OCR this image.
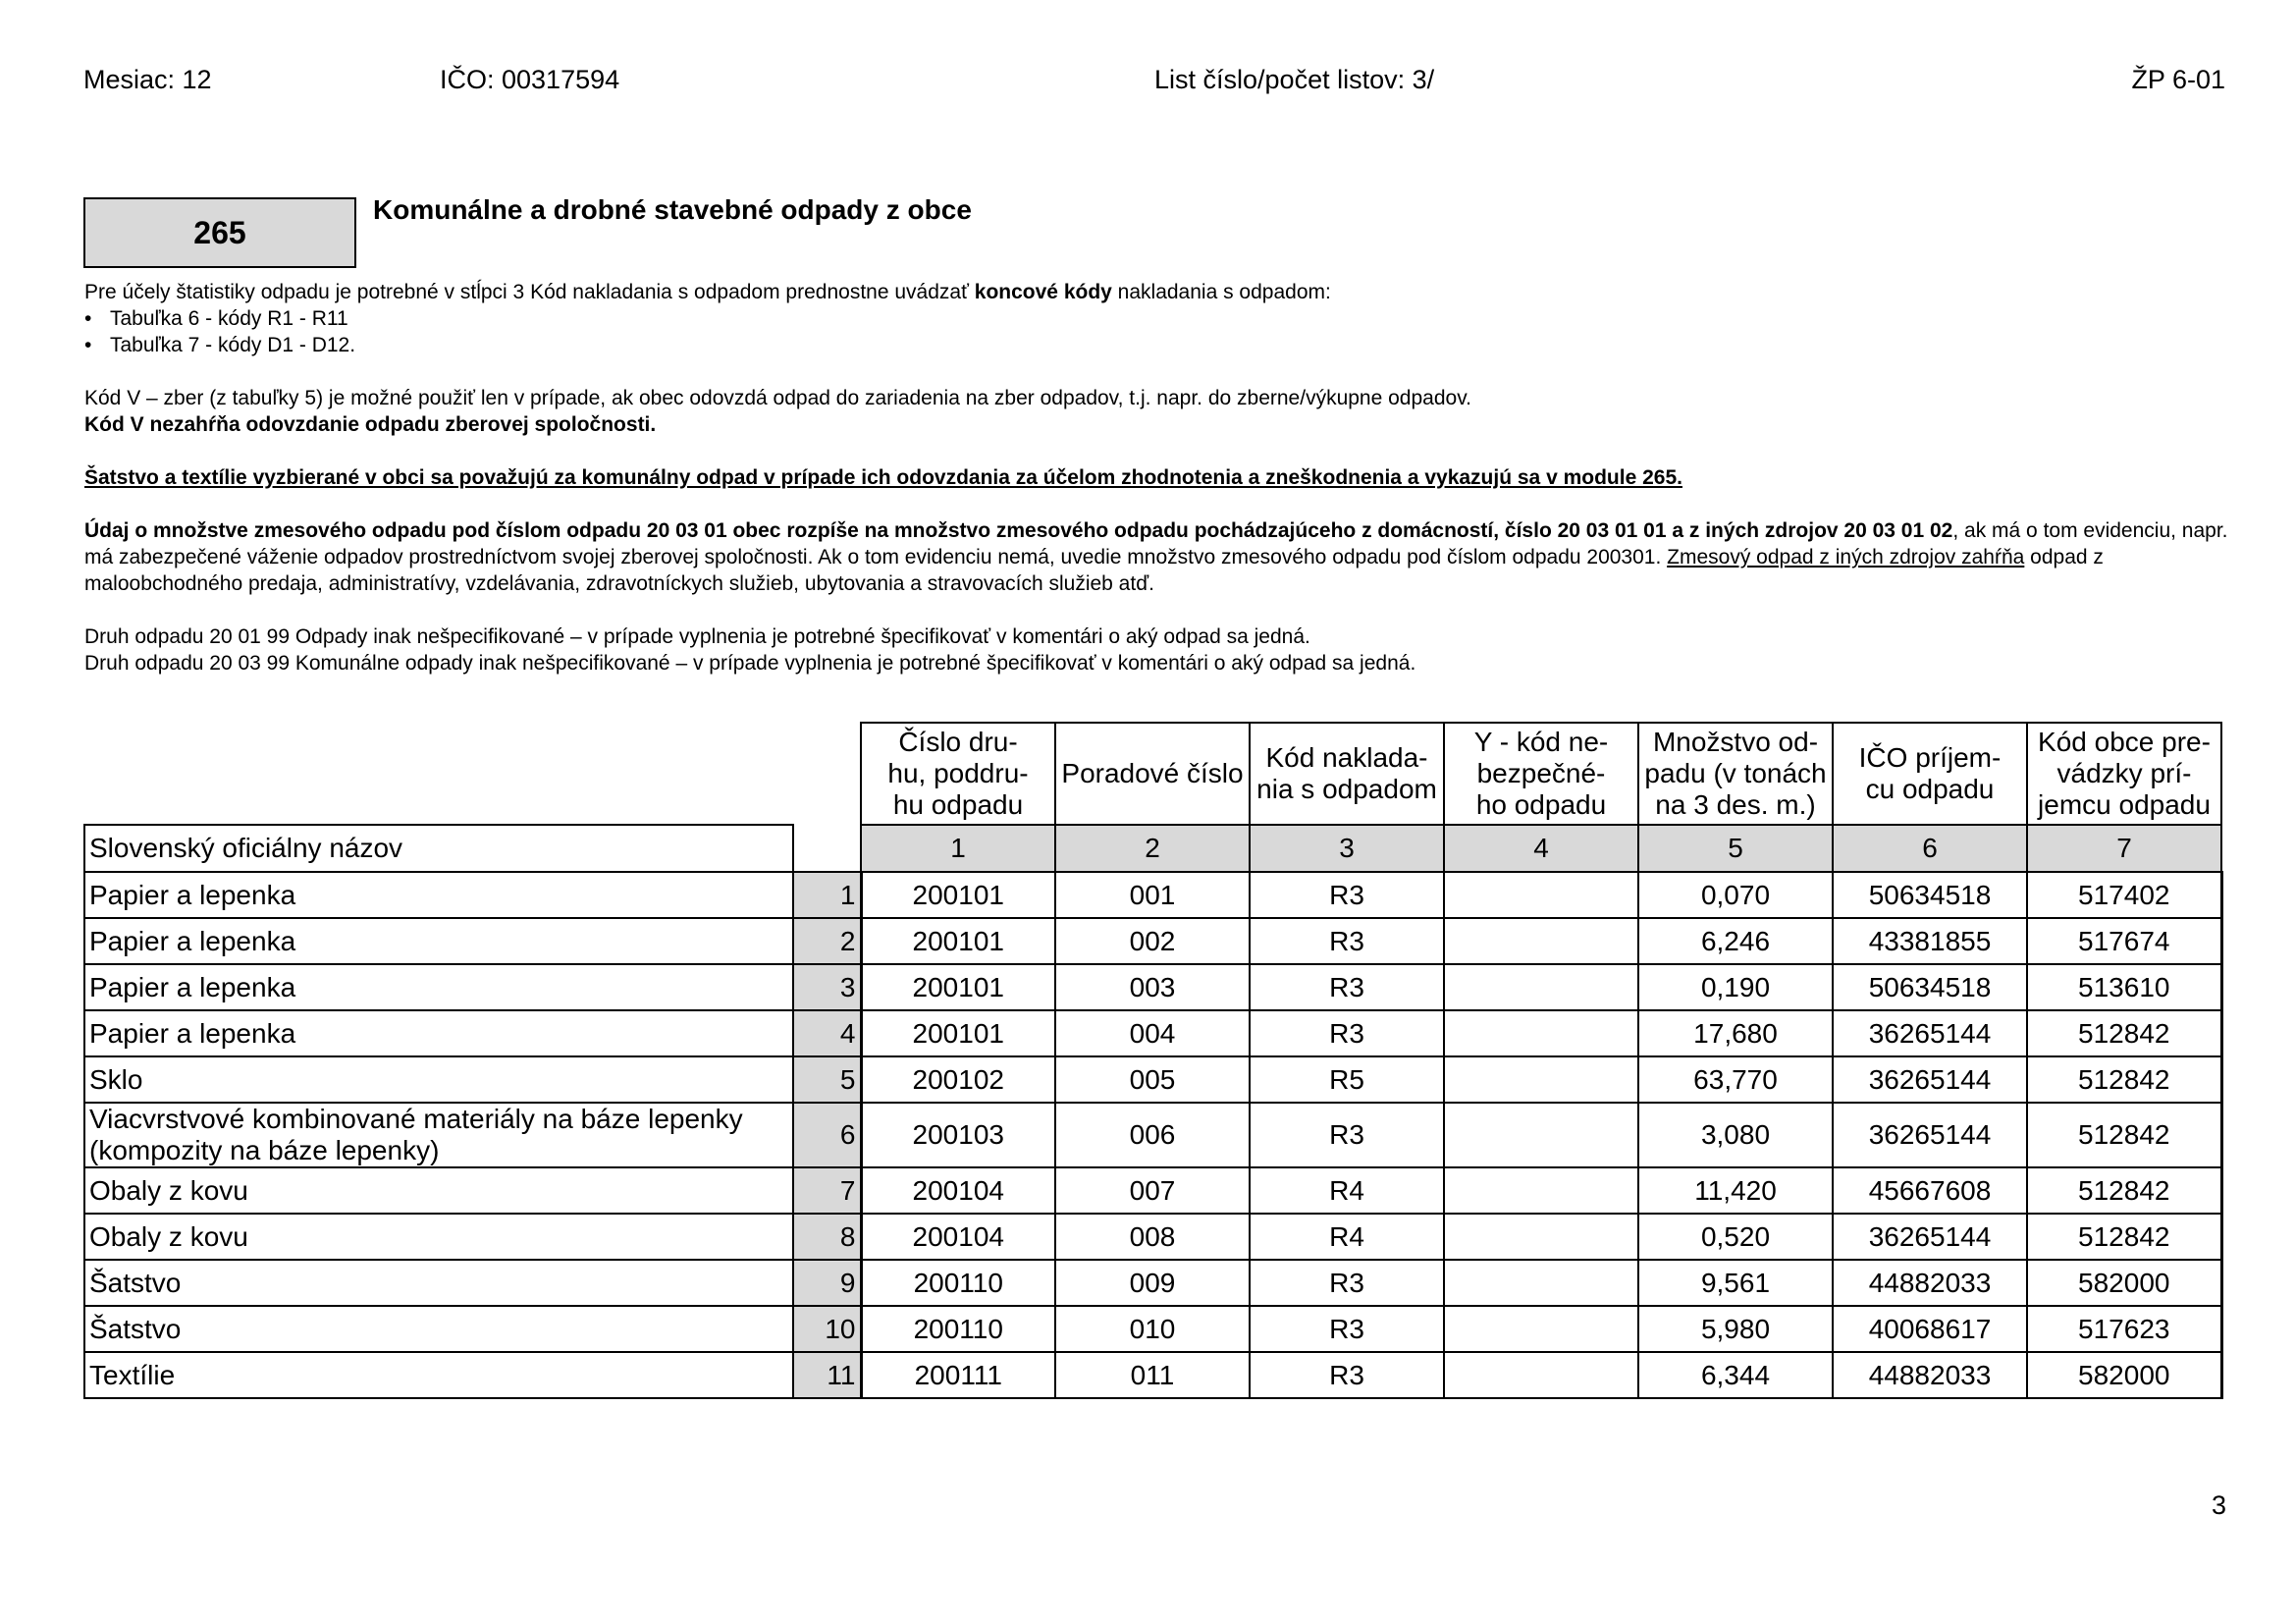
Mesiac: 12	IČO: 00317594	List číslo/počet listov: 3/	ŽP 6-01
265
Komunálne a drobné stavebné odpady z obce

Pre účely štatistiky odpadu je potrebné v stĺpci 3 Kód nakladania s odpadom prednostne uvádzať koncové kódy nakladania s odpadom:

• Tabuľka 6 - kódy R1 - R11
• Tabuľka 7 - kódy D1 - D12.

Kód V – zber (z tabuľky 5) je možné použiť len v prípade, ak obec odovzdá odpad do zariadenia na zber odpadov, t.j. napr. do zberne/výkupne odpadov.

Kód V nezahŕňa odovzdanie odpadu zberovej spoločnosti.

Šatstvo a textílie vyzbierané v obci sa považujú za komunálny odpad v prípade ich odovzdania za účelom zhodnotenia a zneškodnenia a vykazujú sa v module 265.

Údaj o množstve zmesového odpadu pod číslom odpadu 20 03 01 obec rozpíše na množstvo zmesového odpadu pochádzajúceho z domácností, číslo 20 03 01 01 a z iných zdrojov 20 03 01 02, ak má o tom evidenciu, napr. má zabezpečené váženie odpadov prostredníctvom svojej zberovej spoločnosti. Ak o tom evidenciu nemá, uvedie množstvo zmesového odpadu pod číslom odpadu 200301. Zmesový odpad z iných zdrojov zahŕňa odpad z maloobchodného predaja, administratívy, vzdelávania, zdravotníckych služieb, ubytovania a stravovacích služieb atď.

Druh odpadu 20 01 99 Odpady inak nešpecifikované – v prípade vyplnenia je potrebné špecifikovať v komentári o aký odpad sa jedná.

Druh odpadu 20 03 99 Komunálne odpady inak nešpecifikované – v prípade vyplnenia je potrebné špecifikovať v komentári o aký odpad sa jedná.

		Číslo dru-
hu, poddru-
hu odpadu	Poradové číslo	Kód naklada-
nia s odpadom	Y - kód ne-
bezpečné-
ho odpadu	Množstvo od-
padu (v tonách
na 3 des. m.)	IČO príjem-
cu odpadu	Kód obce pre-
vádzky prí-
jemcu odpadu
Slovenský oficiálny názov		1	2	3	4	5	6	7
Papier a lepenka	1	200101	001	R3		0,070	50634518	517402
Papier a lepenka	2	200101	002	R3		6,246	43381855	517674
Papier a lepenka	3	200101	003	R3		0,190	50634518	513610
Papier a lepenka	4	200101	004	R3		17,680	36265144	512842
Sklo	5	200102	005	R5		63,770	36265144	512842
Viacvrstvové kombinované materiály na báze lepenky (kompozity na báze lepenky)	6	200103	006	R3		3,080	36265144	512842
Obaly z kovu	7	200104	007	R4		11,420	45667608	512842
Obaly z kovu	8	200104	008	R4		0,520	36265144	512842
Šatstvo	9	200110	009	R3		9,561	44882033	582000
Šatstvo	10	200110	010	R3		5,980	40068617	517623
Textílie	11	200111	011	R3		6,344	44882033	582000
3
